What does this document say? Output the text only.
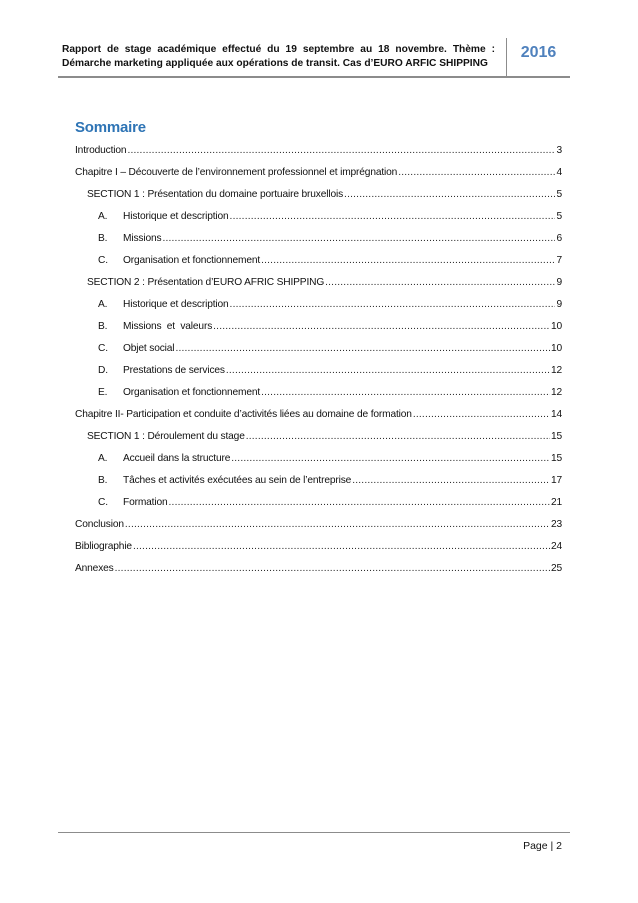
Rapport de stage académique effectué du 19 septembre au 18 novembre. Thème :
Démarche marketing appliquée aux opérations de transit. Cas d’EURO ARFIC SHIPPING
2016
Sommaire
Introduction .....	3
Chapitre I – Découverte de l’environnement professionnel et imprégnation .....	4
SECTION 1 : Présentation du domaine portuaire bruxellois .....	5
A.	Historique et description .....	5
B.	Missions .....	6
C.	Organisation et fonctionnement .....	7
SECTION 2 : Présentation d’EURO AFRIC SHIPPING .....	9
A.	Historique et description .....	9
B.	Missions  et  valeurs .....	10
C.	Objet social .....	10
D.	Prestations de services .....	12
E.	Organisation et fonctionnement .....	12
Chapitre II- Participation et conduite d’activités liées au domaine de formation .....	14
SECTION 1 : Déroulement du stage .....	15
A.	Accueil dans la structure .....	15
B.	Tâches et activités exécutées au sein de l’entreprise .....	17
C.	Formation .....	21
Conclusion .....	23
Bibliographie .....	24
Annexes .....	25
Page | 2
